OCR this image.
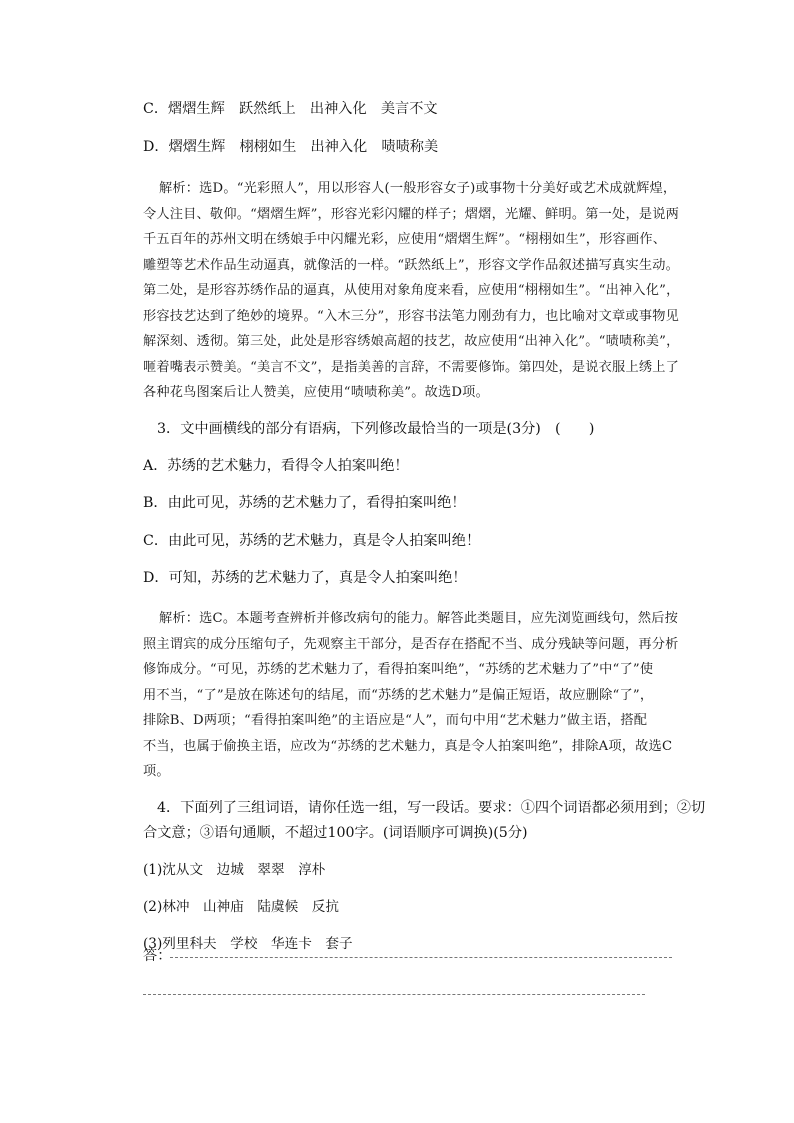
C．熠熠生辉　跃然纸上　出神入化　美言不文
D．熠熠生辉　栩栩如生　出神入化　啧啧称美
解析：选D。“光彩照人”，用以形容人(一般形容女子)或事物十分美好或艺术成就辉煌，
令人注目、敬仰。“熠熠生辉”，形容光彩闪耀的样子；熠熠，光耀、鲜明。第一处，是说两
千五百年的苏州文明在绣娘手中闪耀光彩，应使用“熠熠生辉”。“栩栩如生”，形容画作、
雕塑等艺术作品生动逼真，就像活的一样。“跃然纸上”，形容文学作品叙述描写真实生动。
第二处，是形容苏绣作品的逼真，从使用对象角度来看，应使用“栩栩如生”。“出神入化”，
形容技艺达到了绝妙的境界。“入木三分”，形容书法笔力刚劲有力，也比喻对文章或事物见
解深刻、透彻。第三处，此处是形容绣娘高超的技艺，故应使用“出神入化”。“啧啧称美”，
咂着嘴表示赞美。“美言不文”，是指美善的言辞，不需要修饰。第四处，是说衣服上绣上了
各种花鸟图案后让人赞美，应使用“啧啧称美”。故选D项。
3．文中画横线的部分有语病，下列修改最恰当的一项是(3分)　(　　)
A．苏绣的艺术魅力，看得令人拍案叫绝！
B．由此可见，苏绣的艺术魅力了，看得拍案叫绝！
C．由此可见，苏绣的艺术魅力，真是令人拍案叫绝！
D．可知，苏绣的艺术魅力了，真是令人拍案叫绝！
解析：选C。本题考查辨析并修改病句的能力。解答此类题目，应先浏览画线句，然后按
照主谓宾的成分压缩句子，先观察主干部分，是否存在搭配不当、成分残缺等问题，再分析
修饰成分。“可见，苏绣的艺术魅力了，看得拍案叫绝”，“苏绣的艺术魅力了”中“了”使
用不当，“了”是放在陈述句的结尾，而“苏绣的艺术魅力”是偏正短语，故应删除“了”，
排除B、D两项；“看得拍案叫绝”的主语应是“人”，而句中用“艺术魅力”做主语，搭配
不当，也属于偷换主语，应改为“苏绣的艺术魅力，真是令人拍案叫绝”，排除A项，故选C
项。
4．下面列了三组词语，请你任选一组，写一段话。要求：①四个词语都必须用到；②切
合文意；③语句通顺，不超过100字。(词语顺序可调换)(5分)
(1)沈从文　边城　翠翠　淳朴
(2)林冲　山神庙　陆虞候　反抗
(3)列里科夫　学校　华连卡　套子
答：
